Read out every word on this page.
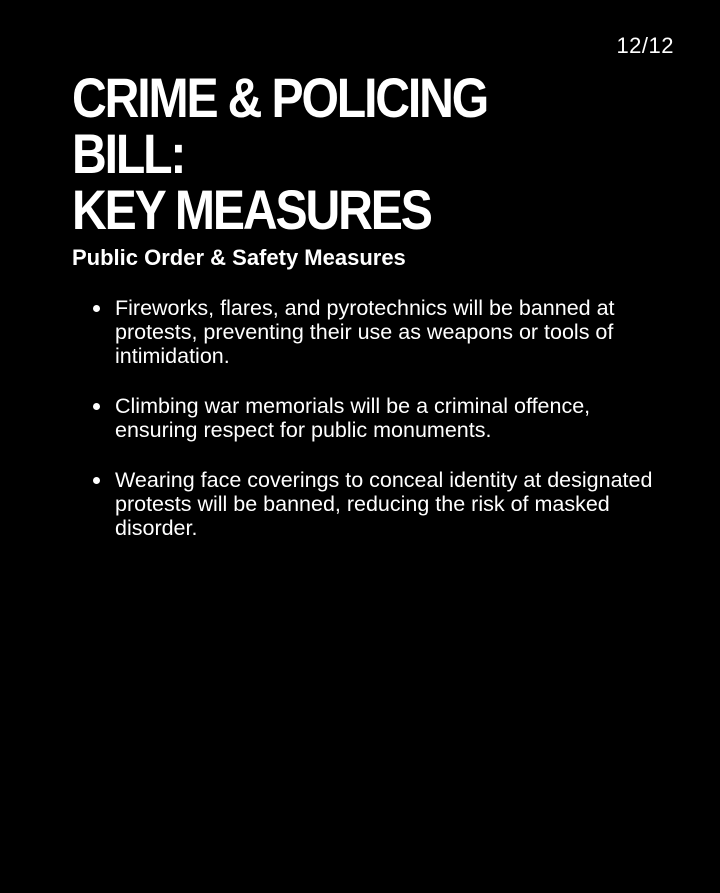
12/12
CRIME & POLICING BILL:
KEY MEASURES
Public Order & Safety Measures
Fireworks, flares, and pyrotechnics will be banned at protests, preventing their use as weapons or tools of intimidation.
Climbing war memorials will be a criminal offence, ensuring respect for public monuments.
Wearing face coverings to conceal identity at designated protests will be banned, reducing the risk of masked disorder.
